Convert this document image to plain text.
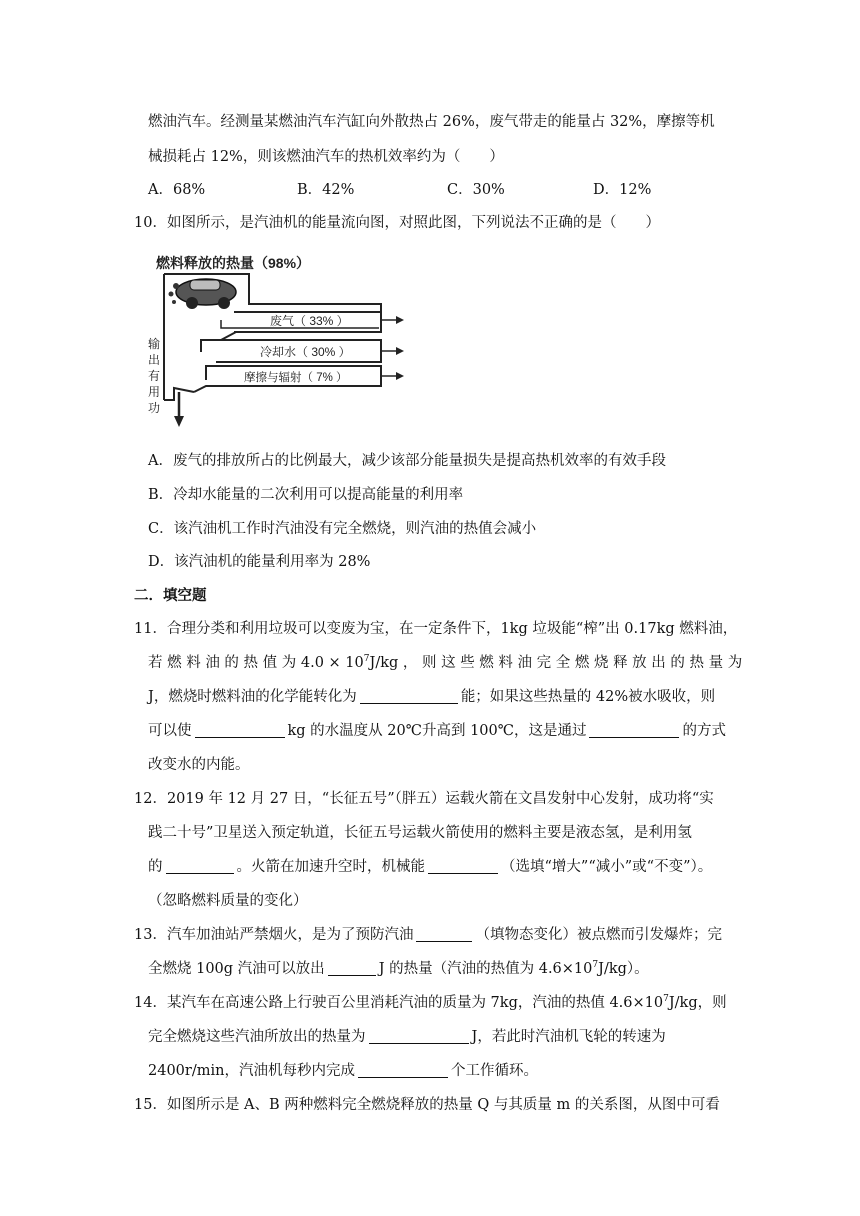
燃油汽车。经测量某燃油汽车汽缸向外散热占 26%，废气带走的能量占 32%，摩擦等机
械损耗占 12%，则该燃油汽车的热机效率约为（　　）
A．68%	B．42%	C．30%	D．12%
10．如图所示，是汽油机的能量流向图，对照此图，下列说法不正确的是（　　）
燃料释放的热量（98%）
废气（ 33% ）
冷却水（ 30% ）
摩擦与辐射（ 7% ）
输
出
有
用
功
A．废气的排放所占的比例最大，减少该部分能量损失是提高热机效率的有效手段
B．冷却水能量的二次利用可以提高能量的利用率
C．该汽油机工作时汽油没有完全燃烧，则汽油的热值会减小
D．该汽油机的能量利用率为 28%
二．填空题
11．合理分类和利用垃圾可以变废为宝，在一定条件下，1kg 垃圾能“榨”出 0.17kg 燃料油，
若 燃 料 油 的 热 值 为 $4.0 \times 10^7J/kg$ ， 则 这 些 燃 料 油 完 全 燃 烧 释 放 出 的 热 量 为
J，燃烧时燃料油的化学能转化为	能；如果这些热量的 42%被水吸收，则
可以使	kg 的水温度从 20℃升高到 100℃，这是通过	的方式
改变水的内能。
12．2019 年 12 月 27 日，“长征五号”（胖五）运载火箭在文昌发射中心发射，成功将“实
践二十号”卫星送入预定轨道，长征五号运载火箭使用的燃料主要是液态氢，是利用氢
的	。火箭在加速升空时，机械能	（选填“增大”“减小”或“不变”）。
（忽略燃料质量的变化）
13．汽车加油站严禁烟火，是为了预防汽油	（填物态变化）被点燃而引发爆炸；完
全燃烧 100g 汽油可以放出	J 的热量（汽油的热值为 $4.6\times 10^7J/kg$）。
14．某汽车在高速公路上行驶百公里消耗汽油的质量为 7kg，汽油的热值 $4.6\times 10^7J/kg$，则
完全燃烧这些汽油所放出的热量为	J，若此时汽油机飞轮的转速为
2400r/min，汽油机每秒内完成	个工作循环。
15．如图所示是 A、B 两种燃料完全燃烧释放的热量 Q 与其质量 m 的关系图，从图中可看
